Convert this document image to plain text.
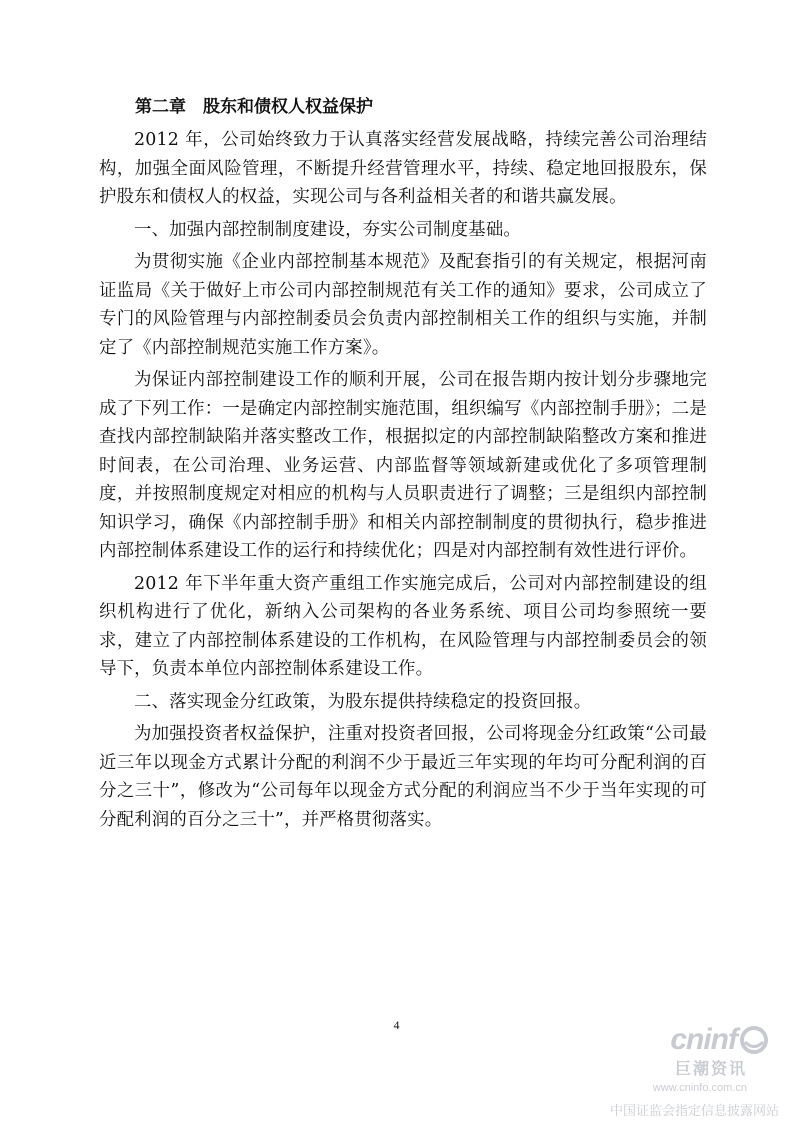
第二章　股东和债权人权益保护

2012 年，公司始终致力于认真落实经营发展战略，持续完善公司治理结构，加强全面风险管理，不断提升经营管理水平，持续、稳定地回报股东，保护股东和债权人的权益，实现公司与各利益相关者的和谐共赢发展。

一、加强内部控制制度建设，夯实公司制度基础。

为贯彻实施《企业内部控制基本规范》及配套指引的有关规定，根据河南证监局《关于做好上市公司内部控制规范有关工作的通知》要求，公司成立了专门的风险管理与内部控制委员会负责内部控制相关工作的组织与实施，并制定了《内部控制规范实施工作方案》。

为保证内部控制建设工作的顺利开展，公司在报告期内按计划分步骤地完成了下列工作：一是确定内部控制实施范围，组织编写《内部控制手册》；二是查找内部控制缺陷并落实整改工作，根据拟定的内部控制缺陷整改方案和推进时间表，在公司治理、业务运营、内部监督等领域新建或优化了多项管理制度，并按照制度规定对相应的机构与人员职责进行了调整；三是组织内部控制知识学习，确保《内部控制手册》和相关内部控制制度的贯彻执行，稳步推进内部控制体系建设工作的运行和持续优化；四是对内部控制有效性进行评价。

2012 年下半年重大资产重组工作实施完成后，公司对内部控制建设的组织机构进行了优化，新纳入公司架构的各业务系统、项目公司均参照统一要求，建立了内部控制体系建设的工作机构，在风险管理与内部控制委员会的领导下，负责本单位内部控制体系建设工作。

二、落实现金分红政策，为股东提供持续稳定的投资回报。

为加强投资者权益保护，注重对投资者回报，公司将现金分红政策“公司最近三年以现金方式累计分配的利润不少于最近三年实现的年均可分配利润的百分之三十”，修改为“公司每年以现金方式分配的利润应当不少于当年实现的可分配利润的百分之三十”，并严格贯彻落实。

4	cninf
巨潮资讯
www.cninfo.com.cn
中国证监会指定信息披露网站
